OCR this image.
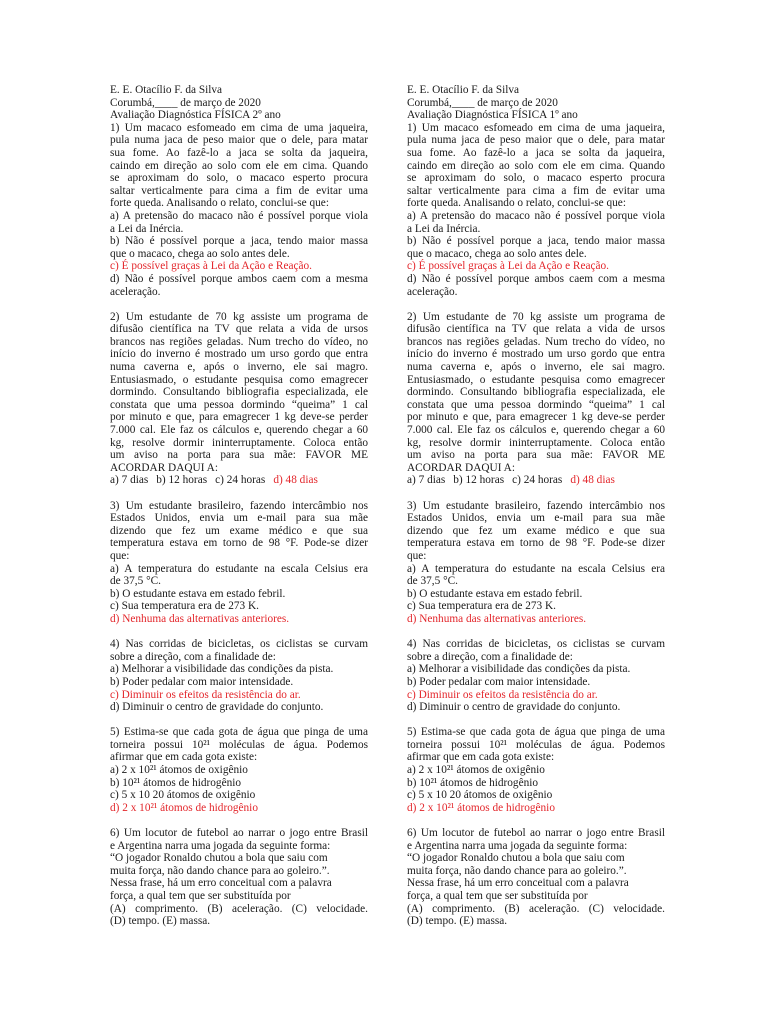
E. E. Otacílio F. da Silva
Corumbá,____ de março de 2020
Avaliação Diagnóstica FÍSICA 2º ano
1) Um macaco esfomeado em cima de uma jaqueira,
pula numa jaca de peso maior que o dele, para matar
sua fome. Ao fazê-lo a jaca se solta da jaqueira,
caindo em direção ao solo com ele em cima. Quando
se aproximam do solo, o macaco esperto procura
saltar verticalmente para cima a fim de evitar uma
forte queda. Analisando o relato, conclui-se que:
a) A pretensão do macaco não é possível porque viola
a Lei da Inércia.
b) Não é possível porque a jaca, tendo maior massa
que o macaco, chega ao solo antes dele.
c) É possível graças à Lei da Ação e Reação.
d) Não é possível porque ambos caem com a mesma
aceleração.
2) Um estudante de 70 kg assiste um programa de
difusão científica na TV que relata a vida de ursos
brancos nas regiões geladas. Num trecho do vídeo, no
início do inverno é mostrado um urso gordo que entra
numa caverna e, após o inverno, ele sai magro.
Entusiasmado, o estudante pesquisa como emagrecer
dormindo. Consultando bibliografia especializada, ele
constata que uma pessoa dormindo “queima” 1 cal
por minuto e que, para emagrecer 1 kg deve-se perder
7.000 cal. Ele faz os cálculos e, querendo chegar a 60
kg, resolve dormir ininterruptamente. Coloca então
um aviso na porta para sua mãe: FAVOR ME
ACORDAR DAQUI A:
a) 7 dias b) 12 horas c) 24 horas d) 48 dias
3) Um estudante brasileiro, fazendo intercâmbio nos
Estados Unidos, envia um e-mail para sua mãe
dizendo que fez um exame médico e que sua
temperatura estava em torno de 98 °F. Pode-se dizer
que:
a) A temperatura do estudante na escala Celsius era
de 37,5 °C.
b) O estudante estava em estado febril.
c) Sua temperatura era de 273 K.
d) Nenhuma das alternativas anteriores.
4) Nas corridas de bicicletas, os ciclistas se curvam
sobre a direção, com a finalidade de:
a) Melhorar a visibilidade das condições da pista.
b) Poder pedalar com maior intensidade.
c) Diminuir os efeitos da resistência do ar.
d) Diminuir o centro de gravidade do conjunto.
5) Estima-se que cada gota de água que pinga de uma
torneira possui 10²¹ moléculas de água. Podemos
afirmar que em cada gota existe:
a) 2 x 10²¹ átomos de oxigênio
b) 10²¹ átomos de hidrogênio
c) 5 x 10 20 átomos de oxigênio
d) 2 x 10²¹ átomos de hidrogênio
6) Um locutor de futebol ao narrar o jogo entre Brasil
e Argentina narra uma jogada da seguinte forma:
“O jogador Ronaldo chutou a bola que saiu com
muita força, não dando chance para ao goleiro.”.
Nessa frase, há um erro conceitual com a palavra
força, a qual tem que ser substituída por
(A) comprimento. (B) aceleração. (C) velocidade.
(D) tempo. (E) massa.
E. E. Otacílio F. da Silva
Corumbá,____ de março de 2020
Avaliação Diagnóstica FÍSICA 1º ano
1) Um macaco esfomeado em cima de uma jaqueira,
pula numa jaca de peso maior que o dele, para matar
sua fome. Ao fazê-lo a jaca se solta da jaqueira,
caindo em direção ao solo com ele em cima. Quando
se aproximam do solo, o macaco esperto procura
saltar verticalmente para cima a fim de evitar uma
forte queda. Analisando o relato, conclui-se que:
a) A pretensão do macaco não é possível porque viola
a Lei da Inércia.
b) Não é possível porque a jaca, tendo maior massa
que o macaco, chega ao solo antes dele.
c) É possível graças à Lei da Ação e Reação.
d) Não é possível porque ambos caem com a mesma
aceleração.
2) Um estudante de 70 kg assiste um programa de
difusão científica na TV que relata a vida de ursos
brancos nas regiões geladas. Num trecho do vídeo, no
início do inverno é mostrado um urso gordo que entra
numa caverna e, após o inverno, ele sai magro.
Entusiasmado, o estudante pesquisa como emagrecer
dormindo. Consultando bibliografia especializada, ele
constata que uma pessoa dormindo “queima” 1 cal
por minuto e que, para emagrecer 1 kg deve-se perder
7.000 cal. Ele faz os cálculos e, querendo chegar a 60
kg, resolve dormir ininterruptamente. Coloca então
um aviso na porta para sua mãe: FAVOR ME
ACORDAR DAQUI A:
a) 7 dias b) 12 horas c) 24 horas d) 48 dias
3) Um estudante brasileiro, fazendo intercâmbio nos
Estados Unidos, envia um e-mail para sua mãe
dizendo que fez um exame médico e que sua
temperatura estava em torno de 98 °F. Pode-se dizer
que:
a) A temperatura do estudante na escala Celsius era
de 37,5 °C.
b) O estudante estava em estado febril.
c) Sua temperatura era de 273 K.
d) Nenhuma das alternativas anteriores.
4) Nas corridas de bicicletas, os ciclistas se curvam
sobre a direção, com a finalidade de:
a) Melhorar a visibilidade das condições da pista.
b) Poder pedalar com maior intensidade.
c) Diminuir os efeitos da resistência do ar.
d) Diminuir o centro de gravidade do conjunto.
5) Estima-se que cada gota de água que pinga de uma
torneira possui 10²¹ moléculas de água. Podemos
afirmar que em cada gota existe:
a) 2 x 10²¹ átomos de oxigênio
b) 10²¹ átomos de hidrogênio
c) 5 x 10 20 átomos de oxigênio
d) 2 x 10²¹ átomos de hidrogênio
6) Um locutor de futebol ao narrar o jogo entre Brasil
e Argentina narra uma jogada da seguinte forma:
“O jogador Ronaldo chutou a bola que saiu com
muita força, não dando chance para ao goleiro.”.
Nessa frase, há um erro conceitual com a palavra
força, a qual tem que ser substituída por
(A) comprimento. (B) aceleração. (C) velocidade.
(D) tempo. (E) massa.
